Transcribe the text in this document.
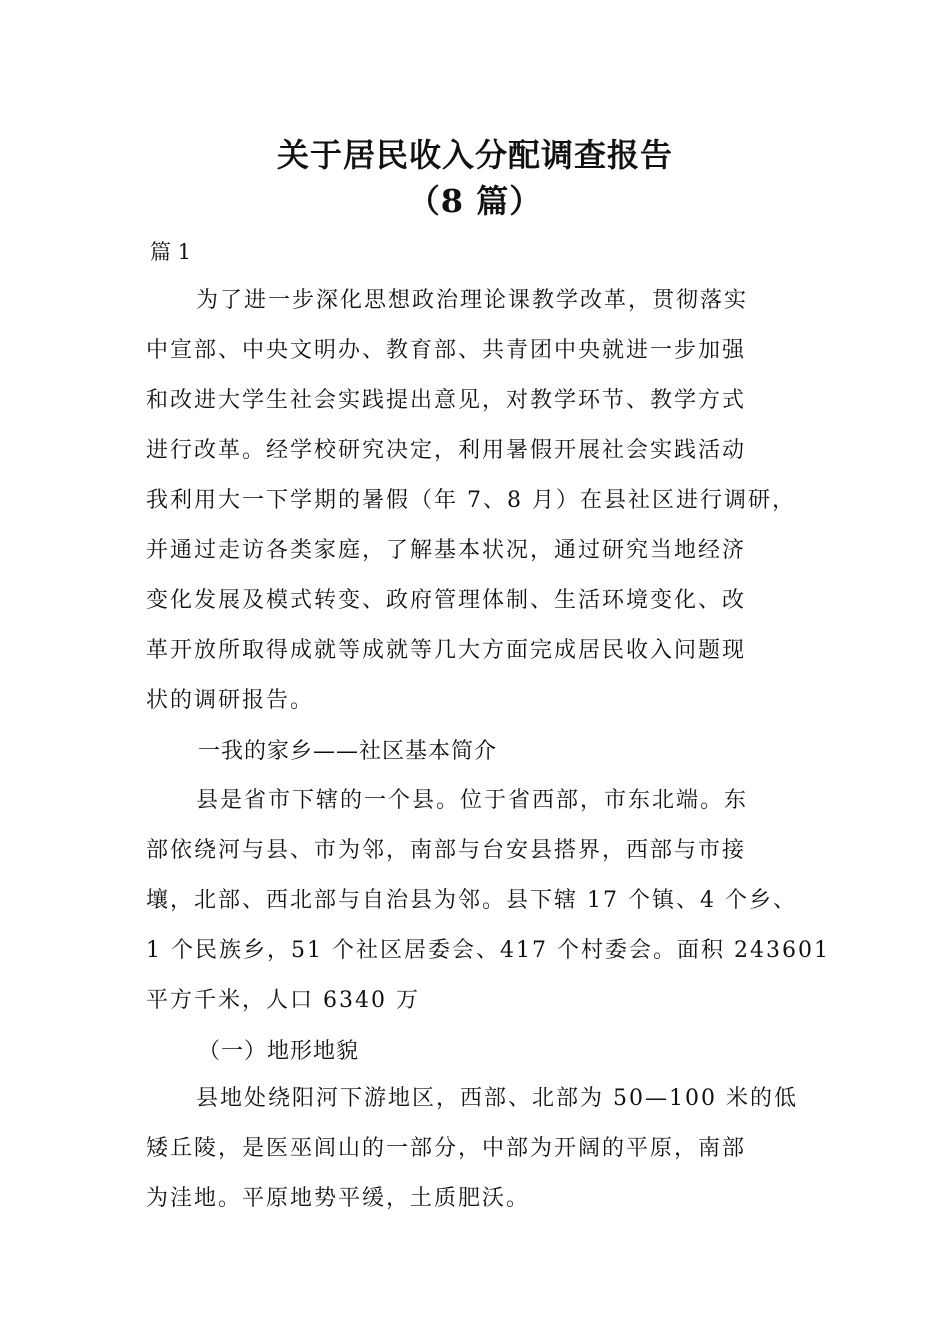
关于居民收入分配调查报告
（8 篇）

篇 1

为了进一步深化思想政治理论课教学改革，贯彻落实
中宣部、中央文明办、教育部、共青团中央就进一步加强
和改进大学生社会实践提出意见，对教学环节、教学方式
进行改革。经学校研究决定，利用暑假开展社会实践活动
我利用大一下学期的暑假（年 7、8 月）在县社区进行调研，
并通过走访各类家庭，了解基本状况，通过研究当地经济
变化发展及模式转变、政府管理体制、生活环境变化、改
革开放所取得成就等成就等几大方面完成居民收入问题现
状的调研报告。

一我的家乡——社区基本简介

县是省市下辖的一个县。位于省西部，市东北端。东
部依绕河与县、市为邻，南部与台安县搭界，西部与市接
壤，北部、西北部与自治县为邻。县下辖 17 个镇、4 个乡、
1 个民族乡，51 个社区居委会、417 个村委会。面积 243601
平方千米，人口 6340 万

（一）地形地貌

县地处绕阳河下游地区，西部、北部为 50—100 米的低
矮丘陵，是医巫闾山的一部分，中部为开阔的平原，南部
为洼地。平原地势平缓，土质肥沃。
